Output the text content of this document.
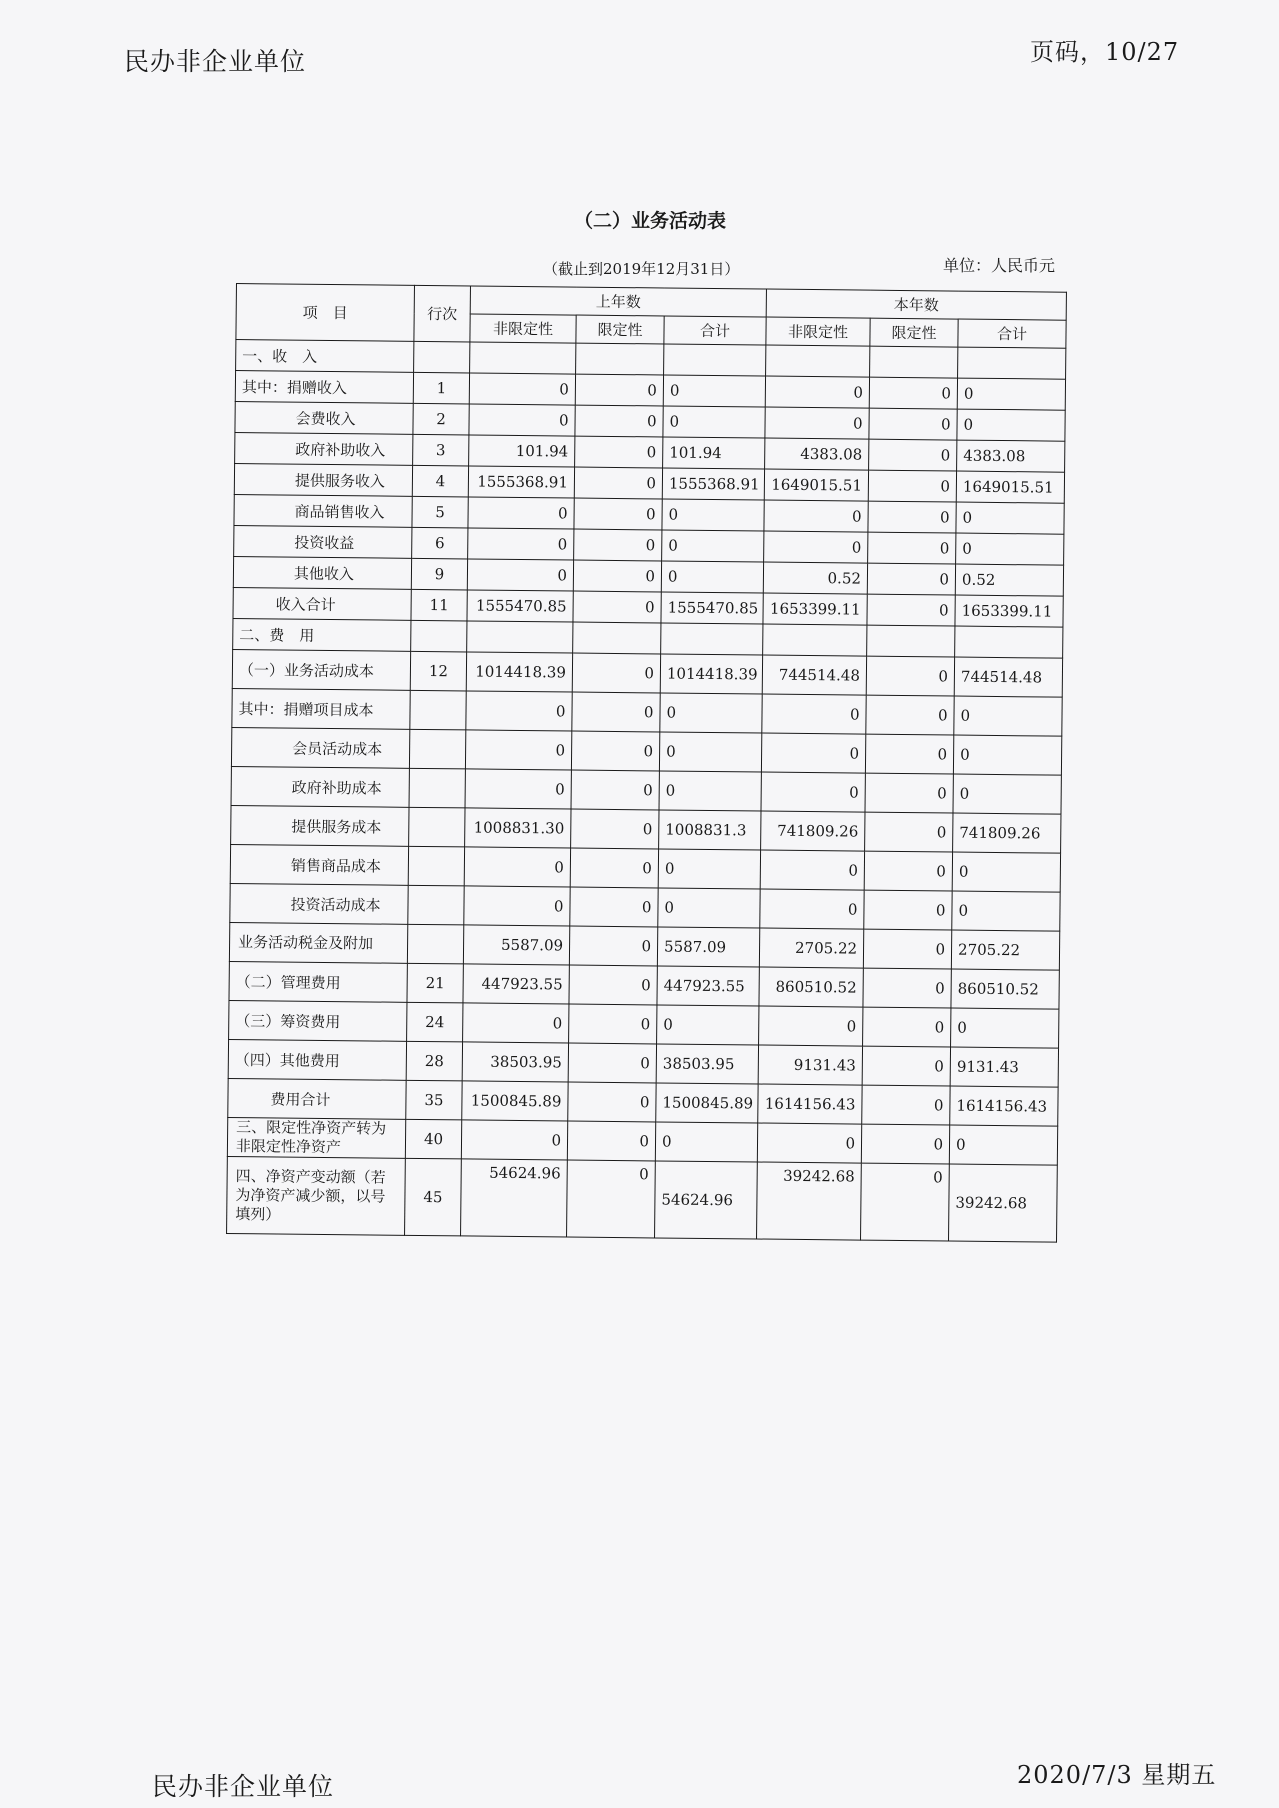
民办非企业单位	页码，10/27
（二）业务活动表
（截止到2019年12月31日）	单位：人民币元
项　目	行次	上年数			本年数		
		非限定性	限定性	合计	非限定性	限定性	合计
一、收　入							
其中：捐赠收入	1	0	0	0	0	0	0
会费收入	2	0	0	0	0	0	0
政府补助收入	3	101.94	0	101.94	4383.08	0	4383.08
提供服务收入	4	1555368.91	0	1555368.91	1649015.51	0	1649015.51
商品销售收入	5	0	0	0	0	0	0
投资收益	6	0	0	0	0	0	0
其他收入	9	0	0	0	0.52	0	0.52
收入合计	11	1555470.85	0	1555470.85	1653399.11	0	1653399.11
二、费　用							
（一）业务活动成本	12	1014418.39	0	1014418.39	744514.48	0	744514.48
其中：捐赠项目成本		0	0	0	0	0	0
会员活动成本		0	0	0	0	0	0
政府补助成本		0	0	0	0	0	0
提供服务成本		1008831.30	0	1008831.3	741809.26	0	741809.26
销售商品成本		0	0	0	0	0	0
投资活动成本		0	0	0	0	0	0
业务活动税金及附加		5587.09	0	5587.09	2705.22	0	2705.22
（二）管理费用	21	447923.55	0	447923.55	860510.52	0	860510.52
（三）筹资费用	24	0	0	0	0	0	0
（四）其他费用	28	38503.95	0	38503.95	9131.43	0	9131.43
费用合计	35	1500845.89	0	1500845.89	1614156.43	0	1614156.43
三、限定性净资产转为非限定性净资产	40	0	0	0	0	0	0
四、净资产变动额（若为净资产减少额，以号填列）	45	54624.96	0	54624.96	39242.68	0	39242.68
民办非企业单位	2020/7/3 星期五
